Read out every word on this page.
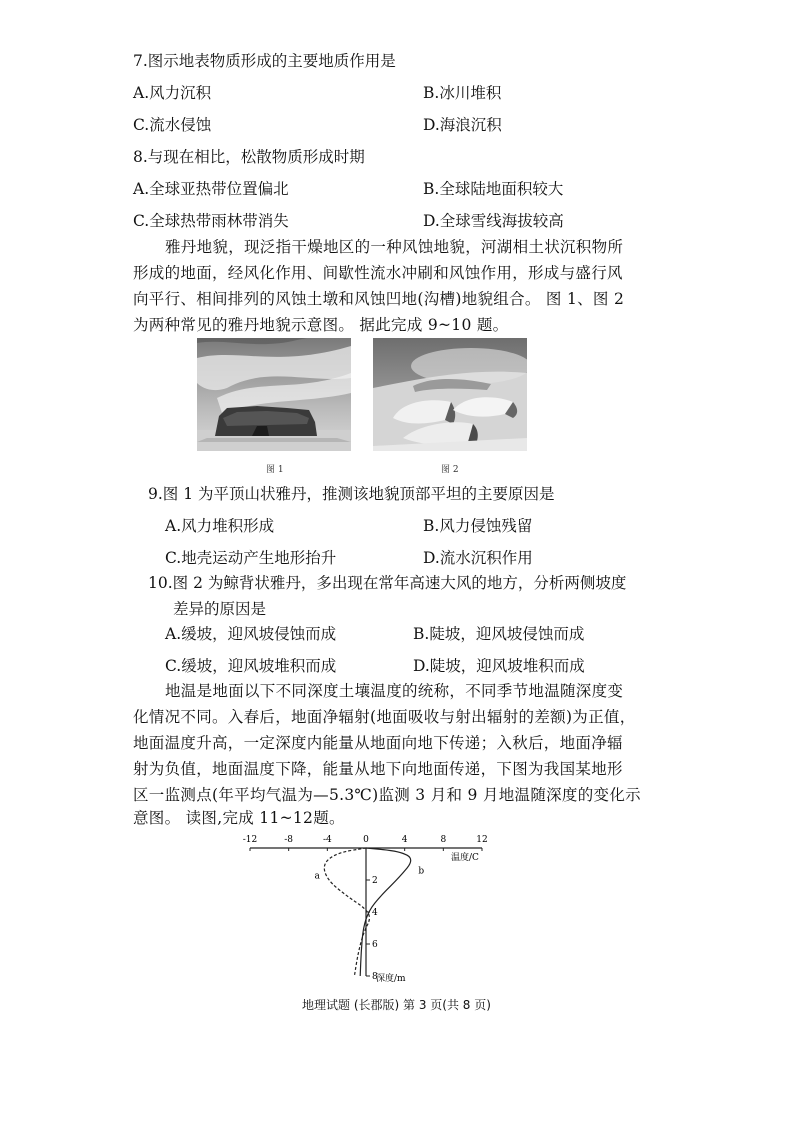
7.图示地表物质形成的主要地质作用是
A.风力沉积	B.冰川堆积
C.流水侵蚀	D.海浪沉积
8.与现在相比，松散物质形成时期
A.全球亚热带位置偏北	B.全球陆地面积较大
C.全球热带雨林带消失	D.全球雪线海拔较高
雅丹地貌，现泛指干燥地区的一种风蚀地貌，河湖相土状沉积物所
形成的地面，经风化作用、间歇性流水冲刷和风蚀作用，形成与盛行风
向平行、相间排列的风蚀土墩和风蚀凹地(沟槽)地貌组合。 图 1、图 2
为两种常见的雅丹地貌示意图。 据此完成 9~10 题。
图 1	图 2
9.图 1 为平顶山状雅丹，推测该地貌顶部平坦的主要原因是
A.风力堆积形成	B.风力侵蚀残留
C.地壳运动产生地形抬升	D.流水沉积作用
10.图 2 为鲸背状雅丹，多出现在常年高速大风的地方，分析两侧坡度
差异的原因是
A.缓坡，迎风坡侵蚀而成	B.陡坡，迎风坡侵蚀而成
C.缓坡，迎风坡堆积而成	D.陡坡，迎风坡堆积而成
地温是地面以下不同深度土壤温度的统称，不同季节地温随深度变
化情况不同。入春后，地面净辐射(地面吸收与射出辐射的差额)为正值，
地面温度升高，一定深度内能量从地面向地下传递；入秋后，地面净辐
射为负值，地面温度下降，能量从地下向地面传递，下图为我国某地形
区一监测点(年平均气温为—5.3℃)监测 3 月和 9 月地温随深度的变化示
意图。 读图,完成 11~12题。
-12	-8	-4	0	4	8	12
2
4
6
8
a	b
温度/C
深度/m
地理试题 (长郡版) 第 3 页(共 8 页)
